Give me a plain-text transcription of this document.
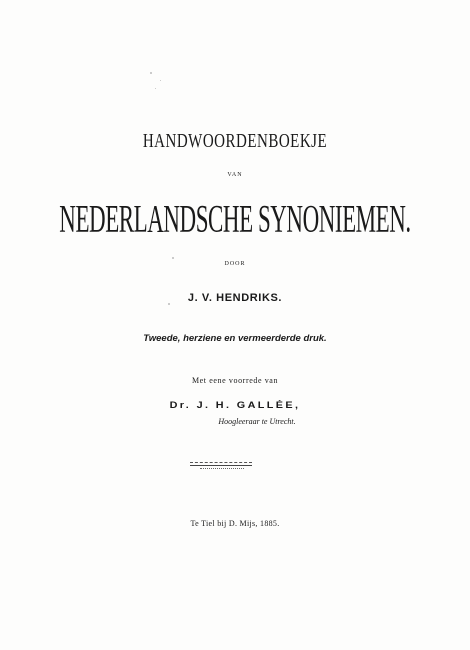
HANDWOORDENBOEKJE
VAN
NEDERLANDSCHE SYNONIEMEN.
DOOR
J. V. HENDRIKS.
Tweede, herziene en vermeerderde druk.
Met eene voorrede van
Dr. J. H. GALLÉE,
Hoogleeraar te Utrecht.
Te Tiel bij D. Mijs, 1885.
